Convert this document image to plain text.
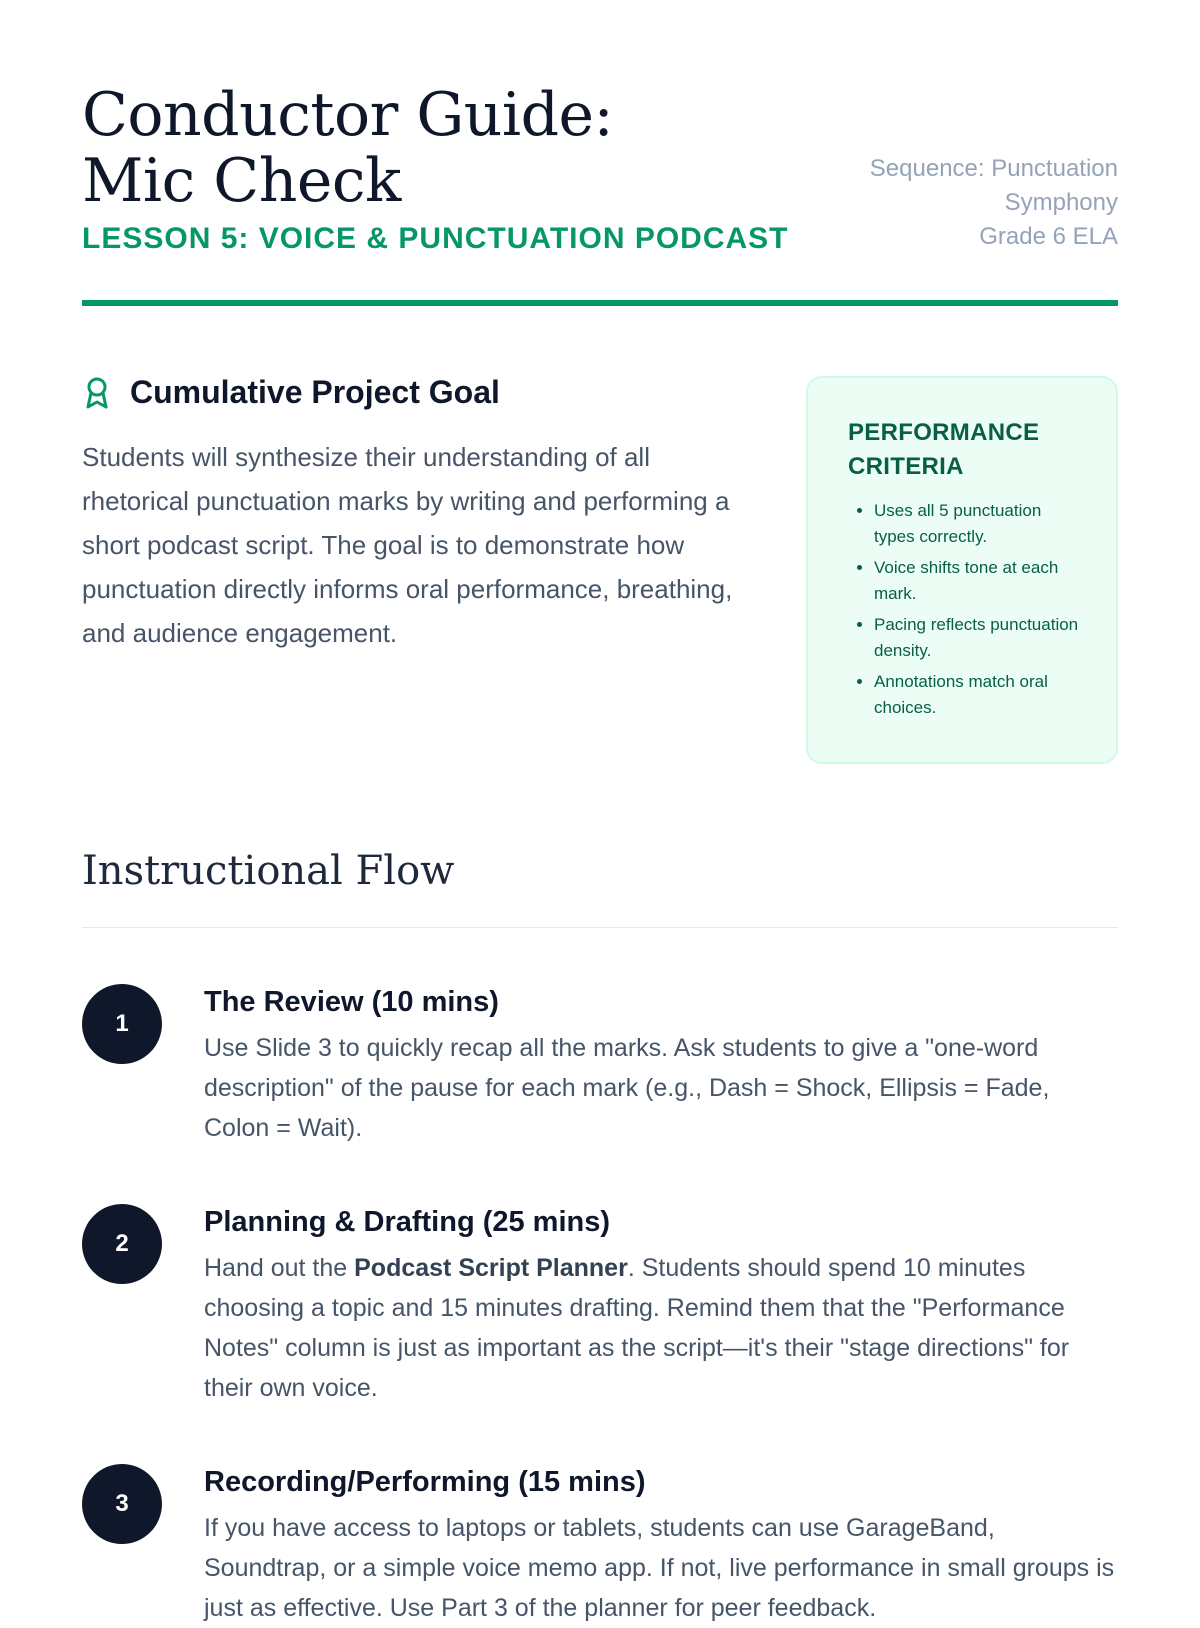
Conductor Guide: Mic Check
LESSON 5: VOICE & PUNCTUATION PODCAST
Sequence: Punctuation Symphony
Grade 6 ELA
Cumulative Project Goal

Students will synthesize their understanding of all rhetorical punctuation marks by writing and performing a short podcast script. The goal is to demonstrate how punctuation directly informs oral performance, breathing, and audience engagement.

PERFORMANCE CRITERIA
• Uses all 5 punctuation types correctly.
• Voice shifts tone at each mark.
• Pacing reflects punctuation density.
• Annotations match oral choices.
Instructional Flow
1
The Review (10 mins)
Use Slide 3 to quickly recap all the marks. Ask students to give a "one-word description" of the pause for each mark (e.g., Dash = Shock, Ellipsis = Fade, Colon = Wait).
2
Planning & Drafting (25 mins)
Hand out the Podcast Script Planner. Students should spend 10 minutes choosing a topic and 15 minutes drafting. Remind them that the "Performance Notes" column is just as important as the script—it's their "stage directions" for their own voice.
3
Recording/Performing (15 mins)
If you have access to laptops or tablets, students can use GarageBand, Soundtrap, or a simple voice memo app. If not, live performance in small groups is just as effective. Use Part 3 of the planner for peer feedback.
